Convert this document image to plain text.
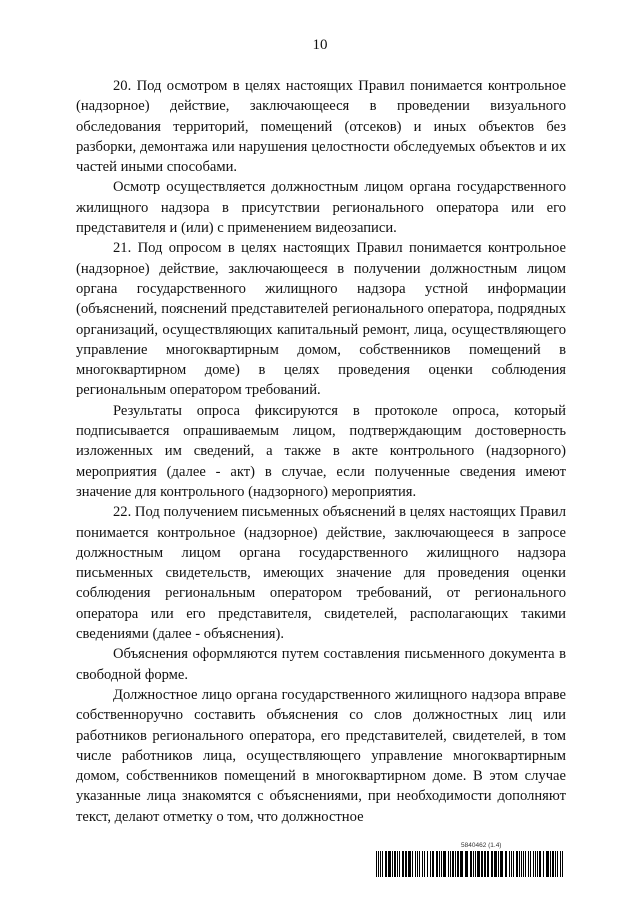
10

20. Под осмотром в целях настоящих Правил понимается контрольное (надзорное) действие, заключающееся в проведении визуального обследования территорий, помещений (отсеков) и иных объектов без разборки, демонтажа или нарушения целостности обследуемых объектов и их частей иными способами.

Осмотр осуществляется должностным лицом органа государственного жилищного надзора в присутствии регионального оператора или его представителя и (или) с применением видеозаписи.

21. Под опросом в целях настоящих Правил понимается контрольное (надзорное) действие, заключающееся в получении должностным лицом органа государственного жилищного надзора устной информации (объяснений, пояснений представителей регионального оператора, подрядных организаций, осуществляющих капитальный ремонт, лица, осуществляющего управление многоквартирным домом, собственников помещений в многоквартирном доме) в целях проведения оценки соблюдения региональным оператором требований.

Результаты опроса фиксируются в протоколе опроса, который подписывается опрашиваемым лицом, подтверждающим достоверность изложенных им сведений, а также в акте контрольного (надзорного) мероприятия (далее - акт) в случае, если полученные сведения имеют значение для контрольного (надзорного) мероприятия.

22. Под получением письменных объяснений в целях настоящих Правил понимается контрольное (надзорное) действие, заключающееся в запросе должностным лицом органа государственного жилищного надзора письменных свидетельств, имеющих значение для проведения оценки соблюдения региональным оператором требований, от регионального оператора или его представителя, свидетелей, располагающих такими сведениями (далее - объяснения).

Объяснения оформляются путем составления письменного документа в свободной форме.

Должностное лицо органа государственного жилищного надзора вправе собственноручно составить объяснения со слов должностных лиц или работников регионального оператора, его представителей, свидетелей, в том числе работников лица, осуществляющего управление многоквартирным домом, собственников помещений в многоквартирном доме. В этом случае указанные лица знакомятся с объяснениями, при необходимости дополняют текст, делают отметку о том, что должностное

5840462 (1.4)
